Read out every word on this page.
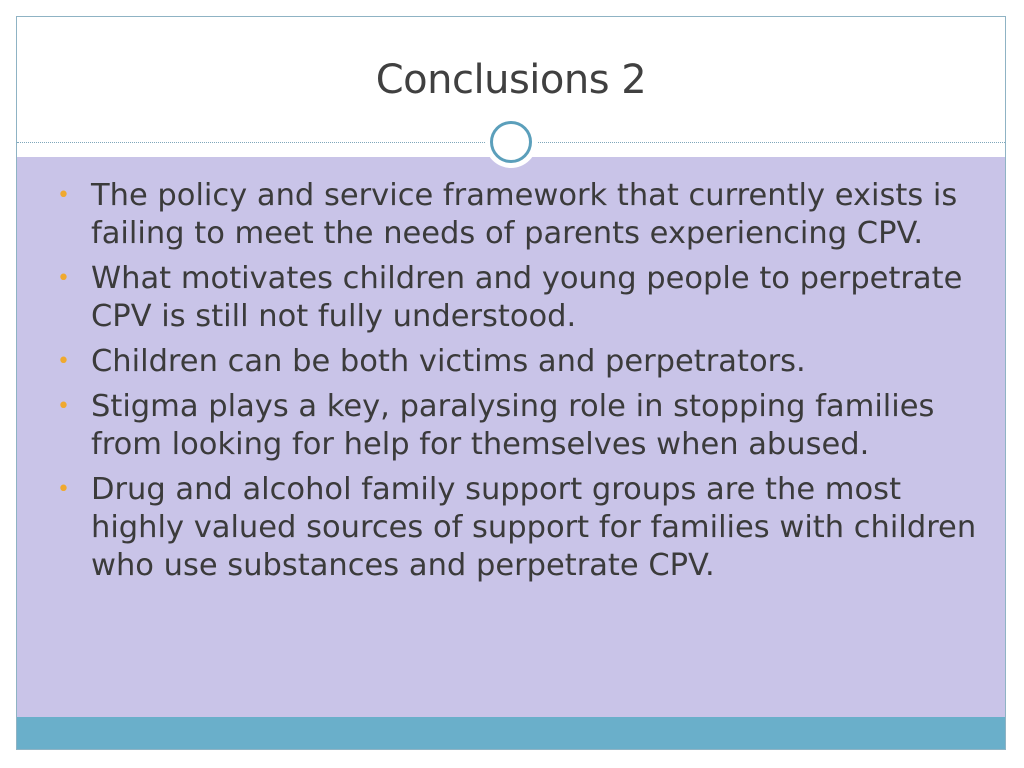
Conclusions 2
• The policy and service framework that currently exists is failing to meet the needs of parents experiencing CPV.
• What motivates children and young people to perpetrate CPV is still not fully understood.
• Children can be both victims and perpetrators.
• Stigma plays a key, paralysing role in stopping families from looking for help for themselves when abused.
• Drug and alcohol family support groups are the most highly valued sources of support for families with children who use substances and perpetrate CPV.
